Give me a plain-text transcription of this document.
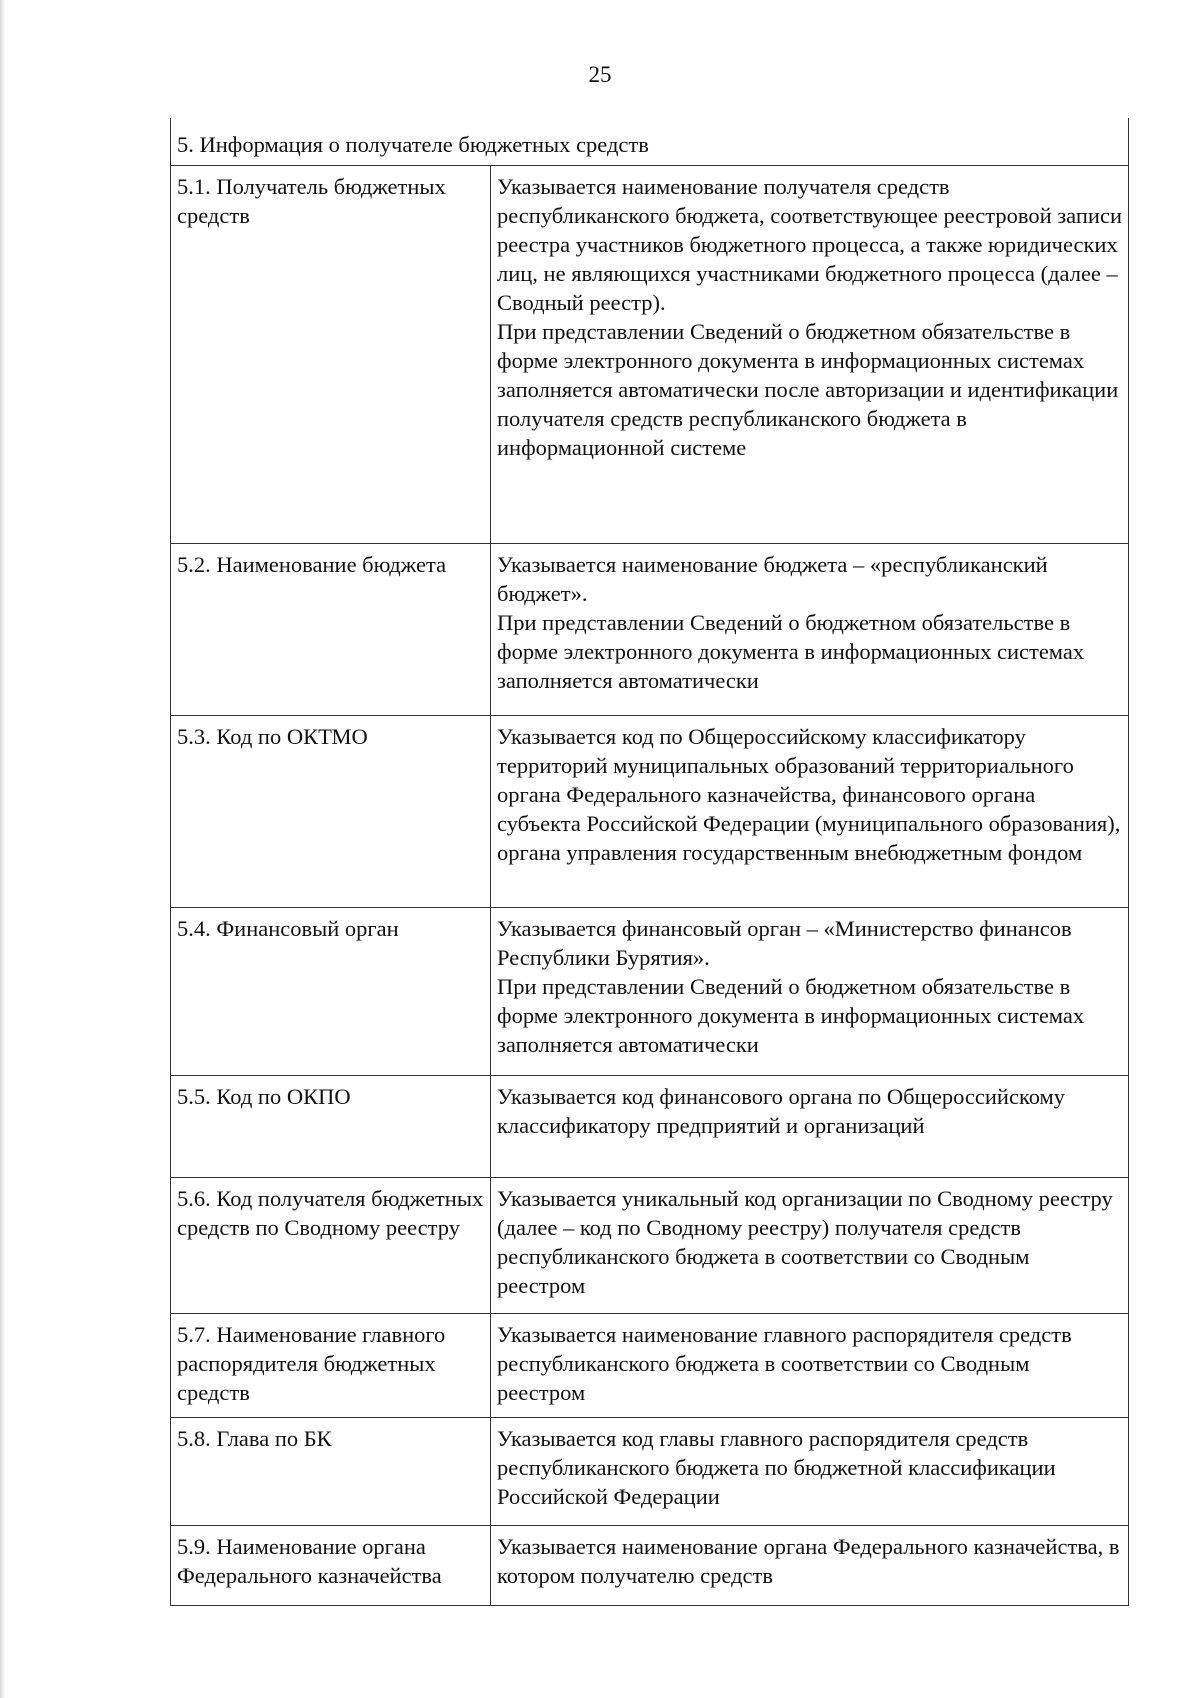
25
5. Информация о получателе бюджетных средств	
5.1. Получатель бюджетных средств	Указывается наименование получателя средств республиканского бюджета, соответствующее реестровой записи реестра участников бюджетного процесса, а также юридических лиц, не являющихся участниками бюджетного процесса (далее – Сводный реестр).
При представлении Сведений о бюджетном обязательстве в форме электронного документа в информационных системах заполняется автоматически после авторизации и идентификации получателя средств республиканского бюджета в информационной системе

5.2. Наименование бюджета	Указывается наименование бюджета – «республиканский бюджет».
При представлении Сведений о бюджетном обязательстве в форме электронного документа в информационных системах заполняется автоматически

5.3. Код по ОКТМО	Указывается код по Общероссийскому классификатору территорий муниципальных образований территориального органа Федерального казначейства, финансового органа субъекта Российской Федерации (муниципального образования), органа управления государственным внебюджетным фондом

5.4. Финансовый орган	Указывается финансовый орган – «Министерство финансов Республики Бурятия».
При представлении Сведений о бюджетном обязательстве в форме электронного документа в информационных системах заполняется автоматически

5.5. Код по ОКПО	Указывается код финансового органа по Общероссийскому классификатору предприятий и организаций

5.6. Код получателя бюджетных средств по Сводному реестру	Указывается уникальный код организации по Сводному реестру (далее – код по Сводному реестру) получателя средств республиканского бюджета в соответствии со Сводным реестром

5.7. Наименование главного распорядителя бюджетных средств	Указывается наименование главного распорядителя средств республиканского бюджета в соответствии со Сводным реестром

5.8. Глава по БК	Указывается код главы главного распорядителя средств республиканского бюджета по бюджетной классификации Российской Федерации

5.9. Наименование органа Федерального казначейства	Указывается наименование органа Федерального казначейства, в котором получателю средств
